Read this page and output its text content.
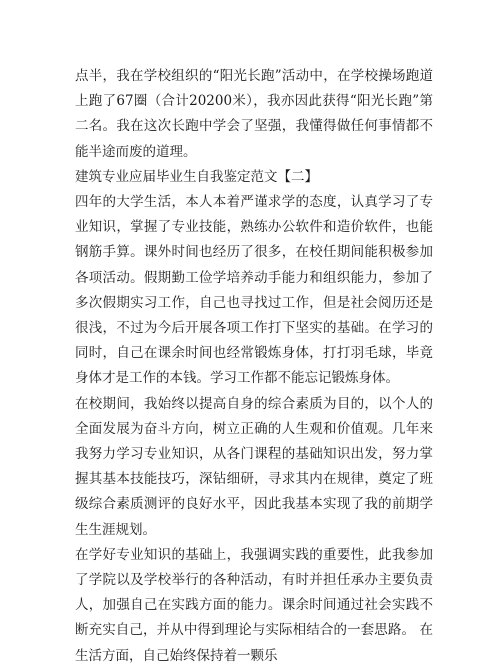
点半，我在学校组织的“阳光长跑”活动中，在学校操场跑道上跑了67圈（合计20200米），我亦因此获得“阳光长跑”第二名。我在这次长跑中学会了坚强，我懂得做任何事情都不能半途而废的道理。

建筑专业应届毕业生自我鉴定范文【二】

四年的大学生活，本人本着严谨求学的态度，认真学习了专业知识，掌握了专业技能，熟练办公软件和造价软件，也能钢筋手算。课外时间也经历了很多，在校任期间能积极参加各项活动。假期勤工俭学培养动手能力和组织能力，参加了多次假期实习工作，自己也寻找过工作，但是社会阅历还是很浅，不过为今后开展各项工作打下坚实的基础。在学习的同时，自己在课余时间也经常锻炼身体，打打羽毛球，毕竟身体才是工作的本钱。学习工作都不能忘记锻炼身体。

在校期间，我始终以提高自身的综合素质为目的，以个人的全面发展为奋斗方向，树立正确的人生观和价值观。几年来我努力学习专业知识，从各门课程的基础知识出发，努力掌握其基本技能技巧，深钻细研，寻求其内在规律，奠定了班级综合素质测评的良好水平，因此我基本实现了我的前期学生生涯规划。

在学好专业知识的基础上，我强调实践的重要性，此我参加了学院以及学校举行的各种活动，有时并担任承办主要负责人，加强自己在实践方面的能力。课余时间通过社会实践不断充实自己，并从中得到理论与实际相结合的一套思路。 在生活方面，自己始终保持着一颗乐
